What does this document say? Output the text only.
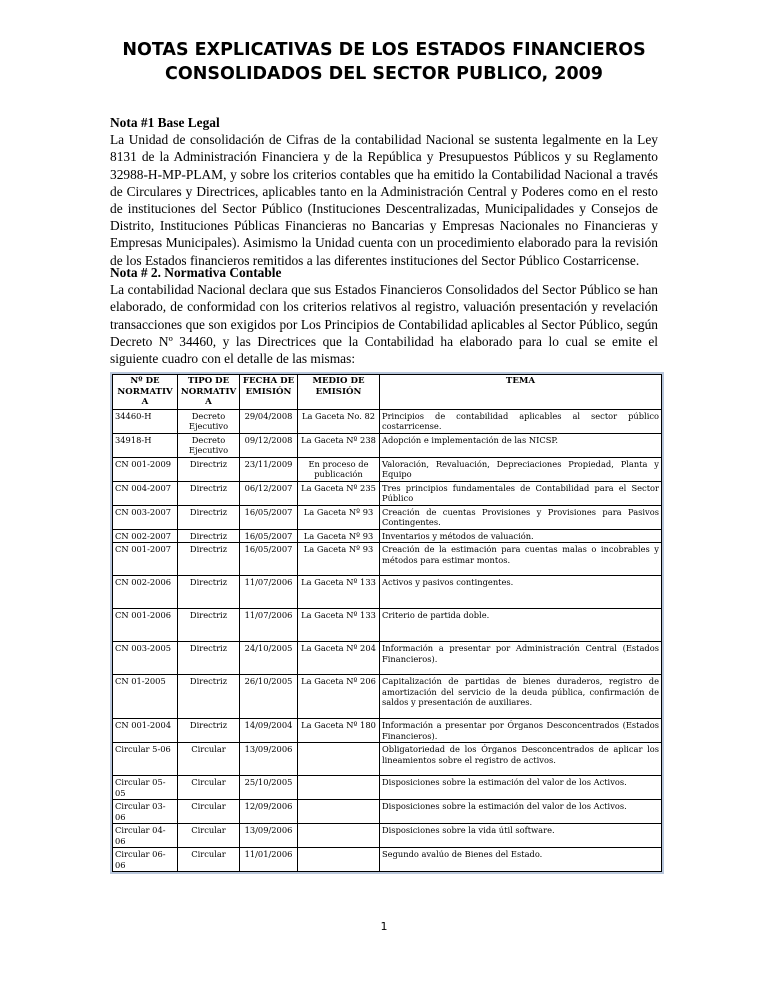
NOTAS EXPLICATIVAS DE LOS ESTADOS FINANCIEROS
CONSOLIDADOS DEL SECTOR PUBLICO, 2009
Nota #1 Base Legal
La Unidad de consolidación de Cifras de la contabilidad Nacional se sustenta legalmente en la Ley 8131 de la Administración Financiera y de la República y Presupuestos Públicos y su Reglamento 32988-H-MP-PLAM, y sobre los criterios contables que ha emitido la Contabilidad Nacional a través de Circulares y Directrices, aplicables tanto en la Administración Central y Poderes como en el resto de instituciones del Sector Público (Instituciones Descentralizadas, Municipalidades y Consejos de Distrito, Instituciones Públicas Financieras no Bancarias y Empresas Nacionales no Financieras y Empresas Municipales). Asimismo la Unidad cuenta con un procedimiento elaborado para la revisión de los Estados financieros remitidos a las diferentes instituciones del Sector Público Costarricense.
Nota # 2. Normativa Contable
La contabilidad Nacional declara que sus Estados Financieros Consolidados del Sector Público se han elaborado, de conformidad con los criterios relativos al registro, valuación presentación y revelación transacciones que son exigidos por Los Principios de Contabilidad aplicables al Sector Público, según Decreto Nº 34460, y las Directrices que la Contabilidad ha elaborado para lo cual se emite el siguiente cuadro con el detalle de las mismas:
Nº DE NORMATIV A	TIPO DE NORMATIV A	FECHA DE EMISIÓN	MEDIO DE EMISIÓN	TEMA
34460-H	Decreto Ejecutivo	29/04/2008	La Gaceta No. 82	Principios de contabilidad aplicables al sector público costarricense.
34918-H	Decreto Ejecutivo	09/12/2008	La Gaceta Nº 238	Adopción e implementación de las NICSP.
CN 001-2009	Directriz	23/11/2009	En proceso de publicación	Valoración, Revaluación, Depreciaciones Propiedad, Planta y Equipo
CN 004-2007	Directriz	06/12/2007	La Gaceta Nº 235	Tres principios fundamentales de Contabilidad para el Sector Público
CN 003-2007	Directriz	16/05/2007	La Gaceta Nº 93	Creación de cuentas Provisiones y Provisiones para Pasivos Contingentes.
CN 002-2007	Directriz	16/05/2007	La Gaceta Nº 93	Inventarios y métodos de valuación.
CN 001-2007	Directriz	16/05/2007	La Gaceta Nº 93	Creación de la estimación para cuentas malas o incobrables y métodos para estimar montos.
CN 002-2006	Directriz	11/07/2006	La Gaceta Nº 133	Activos y pasivos contingentes.
CN 001-2006	Directriz	11/07/2006	La Gaceta Nº 133	Criterio de partida doble.
CN 003-2005	Directriz	24/10/2005	La Gaceta Nº 204	Información a presentar por Administración Central (Estados Financieros).
CN 01-2005	Directriz	26/10/2005	La Gaceta Nº 206	Capitalización de partidas de bienes duraderos, registro de amortización del servicio de la deuda pública, confirmación de saldos y presentación de auxiliares.
CN 001-2004	Directriz	14/09/2004	La Gaceta Nº 180	Información a presentar por Órganos Desconcentrados (Estados Financieros).
Circular 5-06	Circular	13/09/2006		Obligatoriedad de los Órganos Desconcentrados de aplicar los lineamientos sobre el registro de activos.
Circular 05-05	Circular	25/10/2005		Disposiciones sobre la estimación del valor de los Activos.
Circular 03-06	Circular	12/09/2006		Disposiciones sobre la estimación del valor de los Activos.
Circular 04-06	Circular	13/09/2006		Disposiciones sobre la vida útil software.
Circular 06-06	Circular	11/01/2006		Segundo avalúo de Bienes del Estado.
1
